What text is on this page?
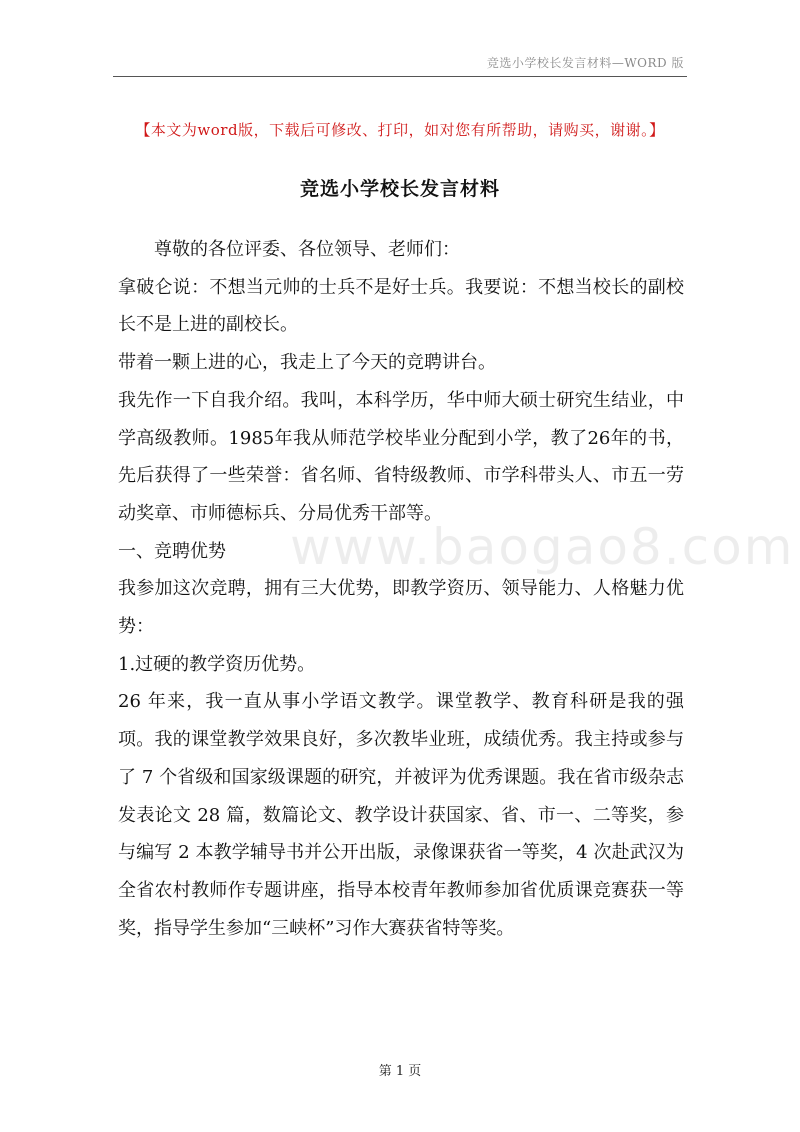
竞选小学校长发言材料—WORD 版
【本文为word版，下载后可修改、打印，如对您有所帮助，请购买，谢谢。】
竞选小学校长发言材料
www.baogao8.com

尊敬的各位评委、各位领导、老师们：

拿破仑说：不想当元帅的士兵不是好士兵。我要说：不想当校长的副校长不是上进的副校长。

带着一颗上进的心，我走上了今天的竞聘讲台。

我先作一下自我介绍。我叫，本科学历，华中师大硕士研究生结业，中学高级教师。1985年我从师范学校毕业分配到小学，教了26年的书，先后获得了一些荣誉：省名师、省特级教师、市学科带头人、市五一劳动奖章、市师德标兵、分局优秀干部等。

一、竞聘优势

我参加这次竞聘，拥有三大优势，即教学资历、领导能力、人格魅力优势：

1.过硬的教学资历优势。

26 年来，我一直从事小学语文教学。课堂教学、教育科研是我的强项。我的课堂教学效果良好，多次教毕业班，成绩优秀。我主持或参与了 7 个省级和国家级课题的研究，并被评为优秀课题。我在省市级杂志发表论文 28 篇，数篇论文、教学设计获国家、省、市一、二等奖，参与编写 2 本教学辅导书并公开出版，录像课获省一等奖，4 次赴武汉为全省农村教师作专题讲座，指导本校青年教师参加省优质课竞赛获一等奖，指导学生参加“三峡杯”习作大赛获省特等奖。

第 1 页
